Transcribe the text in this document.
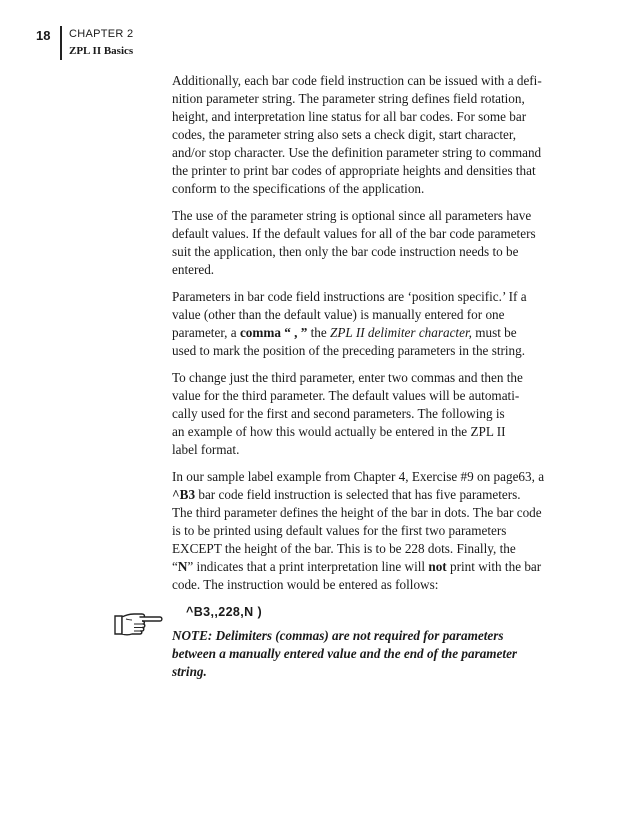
18 CHAPTER 2
ZPL II Basics

Additionally, each bar code field instruction can be issued with a defi-
nition parameter string. The parameter string defines field rotation,
height, and interpretation line status for all bar codes. For some bar
codes, the parameter string also sets a check digit, start character,
and/or stop character. Use the definition parameter string to command
the printer to print bar codes of appropriate heights and densities that
conform to the specifications of the application.

The use of the parameter string is optional since all parameters have
default values. If the default values for all of the bar code parameters
suit the application, then only the bar code instruction needs to be
entered.

Parameters in bar code field instructions are ‘position specific.’ If a
value (other than the default value) is manually entered for one
parameter, a comma “ , ” the ZPL II delimiter character, must be
used to mark the position of the preceding parameters in the string.

To change just the third parameter, enter two commas and then the
value for the third parameter. The default values will be automati-
cally used for the first and second parameters. The following is
an example of how this would actually be entered in the ZPL II
label format.

In our sample label example from Chapter 4, Exercise #9 on page63, a
^B3 bar code field instruction is selected that has five parameters.
The third parameter defines the height of the bar in dots. The bar code
is to be printed using default values for the first two parameters
EXCEPT the height of the bar. This is to be 228 dots. Finally, the
“N” indicates that a print interpretation line will not print with the bar
code. The instruction would be entered as follows:

^B3,,228,N )

NOTE: Delimiters (commas) are not required for parameters
between a manually entered value and the end of the parameter
string.
